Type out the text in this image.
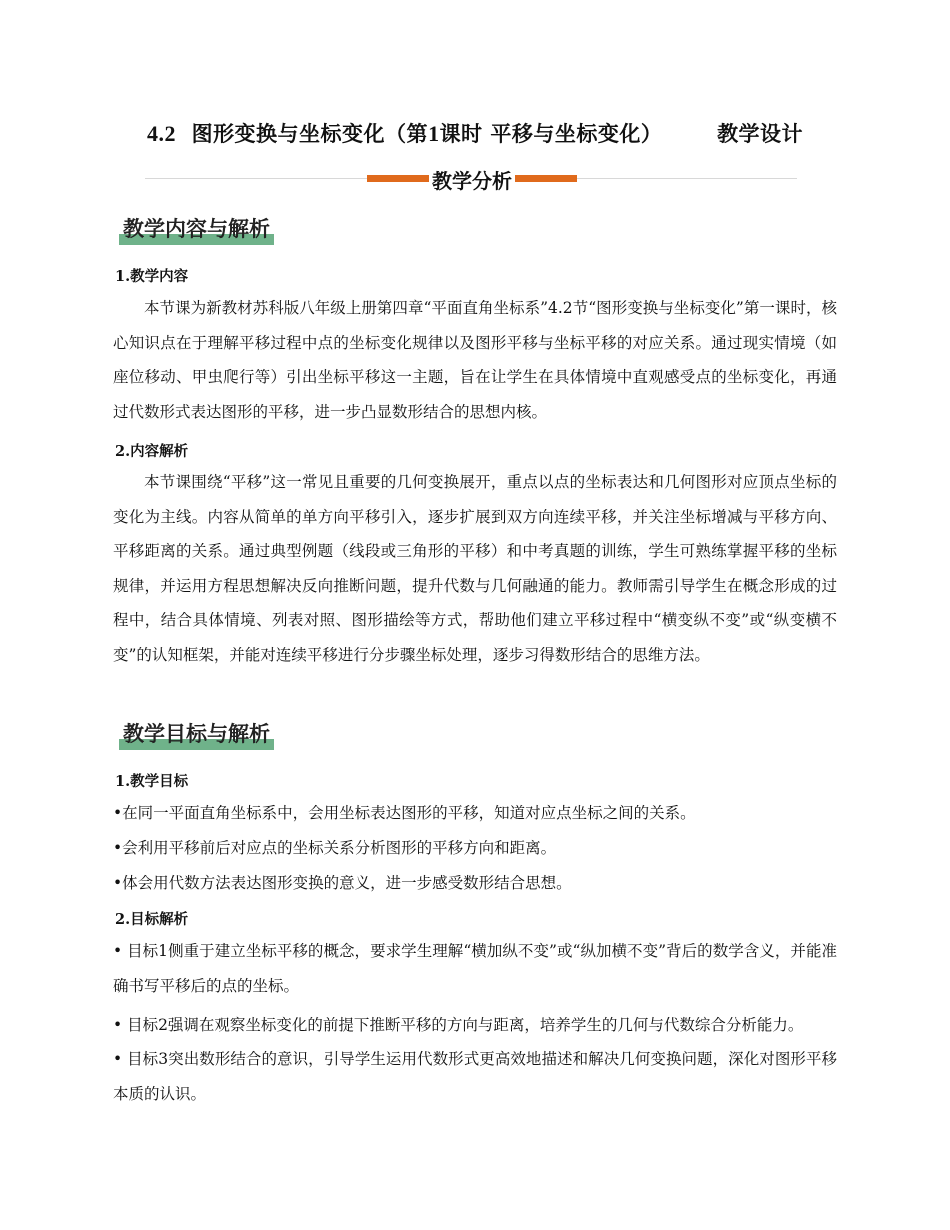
4.2 图形变换与坐标变化（第1课时 平移与坐标变化）	教学设计
教学分析
教学内容与解析
1.教学内容

本节课为新教材苏科版八年级上册第四章“平面直角坐标系”4.2节“图形变换与坐标变化”第一课时，核心知识点在于理解平移过程中点的坐标变化规律以及图形平移与坐标平移的对应关系。通过现实情境（如座位移动、甲虫爬行等）引出坐标平移这一主题，旨在让学生在具体情境中直观感受点的坐标变化，再通过代数形式表达图形的平移，进一步凸显数形结合的思想内核。

2.内容解析

本节课围绕“平移”这一常见且重要的几何变换展开，重点以点的坐标表达和几何图形对应顶点坐标的变化为主线。内容从简单的单方向平移引入，逐步扩展到双方向连续平移，并关注坐标增减与平移方向、平移距离的关系。通过典型例题（线段或三角形的平移）和中考真题的训练，学生可熟练掌握平移的坐标规律，并运用方程思想解决反向推断问题，提升代数与几何融通的能力。教师需引导学生在概念形成的过程中，结合具体情境、列表对照、图形描绘等方式，帮助他们建立平移过程中“横变纵不变”或“纵变横不变”的认知框架，并能对连续平移进行分步骤坐标处理，逐步习得数形结合的思维方法。

教学目标与解析
1.教学目标
•在同一平面直角坐标系中，会用坐标表达图形的平移，知道对应点坐标之间的关系。
•会利用平移前后对应点的坐标关系分析图形的平移方向和距离。
•体会用代数方法表达图形变换的意义，进一步感受数形结合思想。
2.目标解析
• 目标1侧重于建立坐标平移的概念，要求学生理解“横加纵不变”或“纵加横不变”背后的数学含义，并能准确书写平移后的点的坐标。
• 目标2强调在观察坐标变化的前提下推断平移的方向与距离，培养学生的几何与代数综合分析能力。
• 目标3突出数形结合的意识，引导学生运用代数形式更高效地描述和解决几何变换问题，深化对图形平移本质的认识。
